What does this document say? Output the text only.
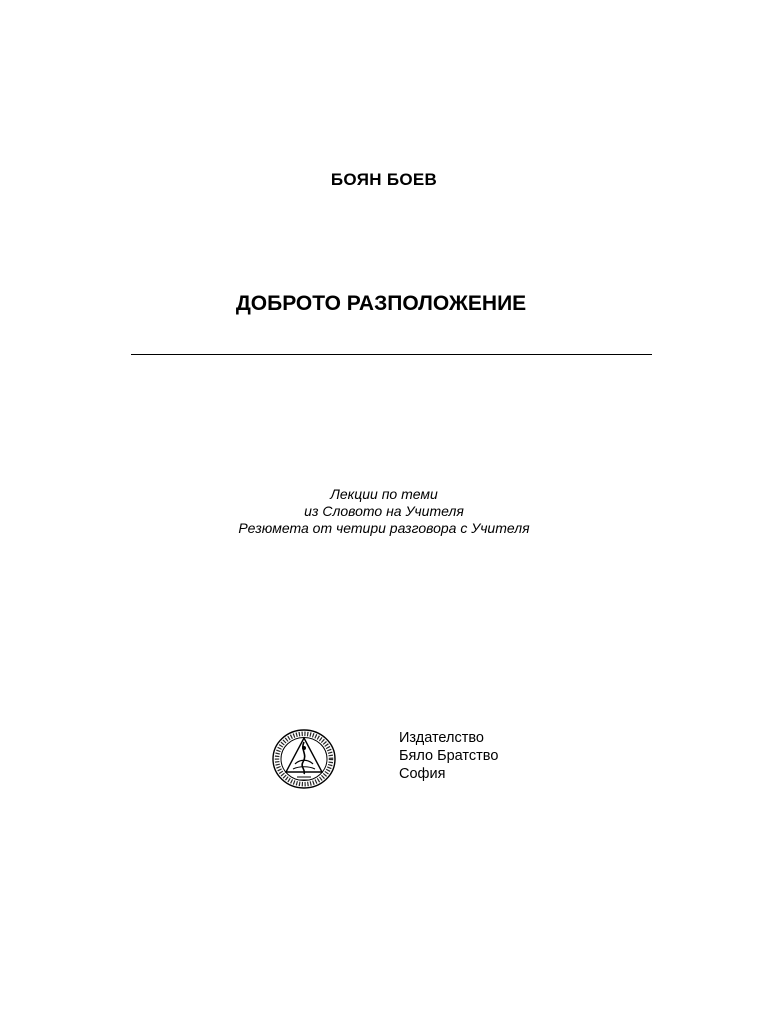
БОЯН БОЕВ
ДОБРОТО РАЗПОЛОЖЕНИЕ
Лекции по теми
из Словото на Учителя
Резюмета от четири разговора с Учителя
Издателство
Бяло Братство
София
